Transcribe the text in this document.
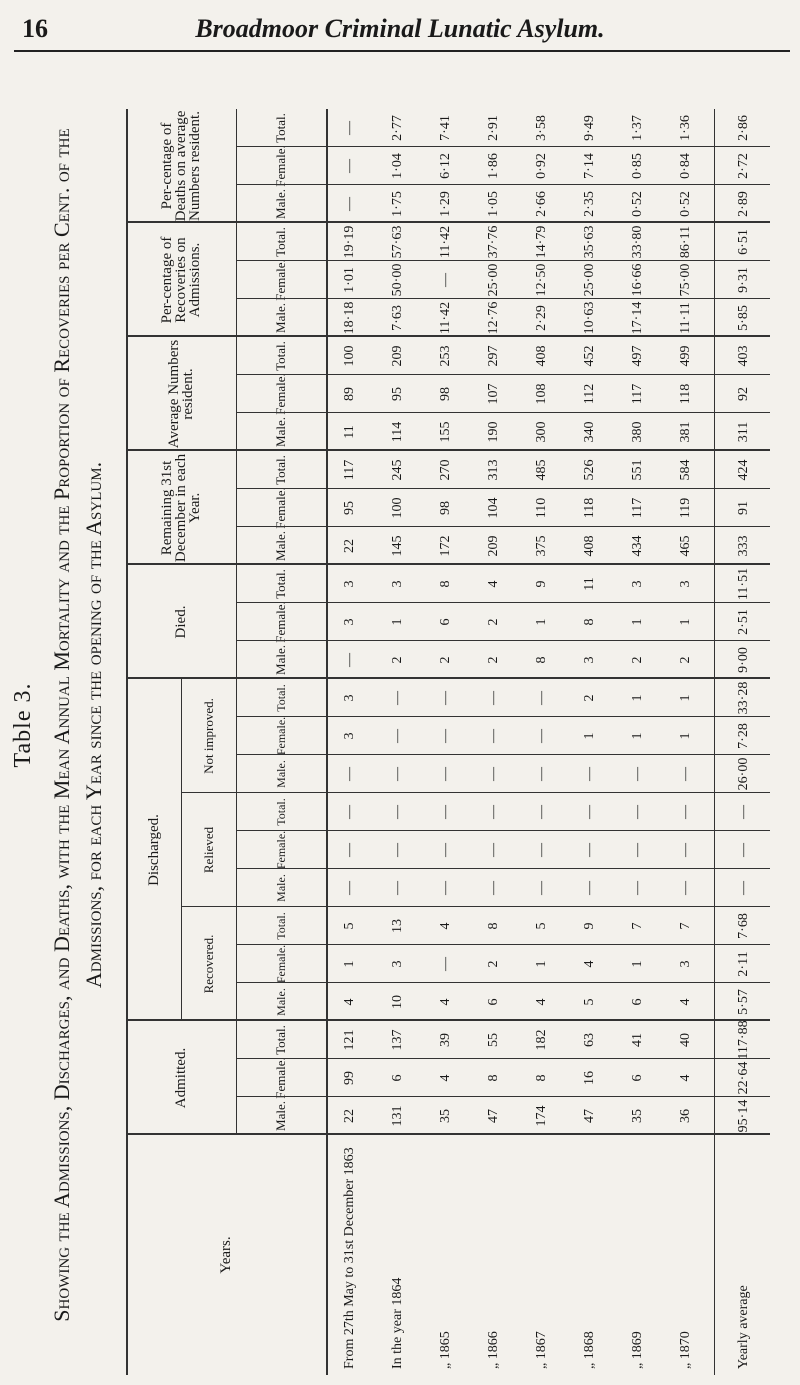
16	Broadmoor Criminal Lunatic Asylum.
Table 3. Showing the Admissions, Discharges, and Deaths, with the Mean Annual Mortality and the Proportion of Recoveries per Cent. of the Admissions, for each Year since the opening of the Asylum.
Years.
Admitted.
Male.
Female.
Total.
Died.
Male.
Female.
Total.
Remaining 31st December in each Year.
Male.
Female.
Total.
Average Numbers resident.
Male.
Female.
Total.
Per-centage of Recoveries on Admissions.
Male.
Female.
Total.
Per-centage of Deaths on average Numbers resident.	Male.
Female.
Total.
Discharged.
Recovered.
Male.
Female.
Total.
Relieved
Male.
Female.
Total.
Not improved.
Male.
Female.
Total.
From 27th May to 31st December 1863
22
99
121
4
1
5
—
—
—
—
3
3
—
3
3
22
95
117
11
89
100
18·18
1·01
19·19
—
—
—
In the year 1864
131
6
137
10
3
13
—
—
—
—
—
—
2
1
3
145
100
245
114
95
209
7·63
50·00
57·63
1·75
1·04
2·77
„ 1865
35
4
39
4
—
4
—
—
—
—
—
—
2
6
8
172
98
270
155
98
253
11·42
—
11·42
1·29
6·12
7·41
„ 1866
47
8
55
6
2
8
—
—
—
—
—
—
2
2
4
209
104
313
190
107
297
12·76
25·00
37·76
1·05
1·86
2·91
„ 1867
174
8
182
4
1
5
—
—
—
—
—
—
8
1
9
375
110
485
300
108
408
2·29
12·50
14·79
2·66
0·92
3·58
„ 1868
47
16
63
5
4
9
—
—
—
—
1
2
3
8
11
408
118
526
340
112
452
10·63
25·00
35·63
2·35
7·14
9·49
„ 1869
35
6
41
6
1
7
—
—
—
—
1
1
2
1
3
434
117
551
380
117
497
17·14
16·66
33·80
0·52
0·85
1·37
„ 1870
36
4
40
4
3
7
—
—
—
—
1
1
2
1
3
465
119
584
381
118
499
11·11
75·00
86·11
0·52
0·84
1·36
Yearly average
95·14
22·64
117·88
5·57
2·11
7·68
—
—
—
26·00
7·28
33·28
9·00
2·51
11·51
333
91
424
311
92
403
5·85
9·31
6·51
2·89
2·72
2·86
